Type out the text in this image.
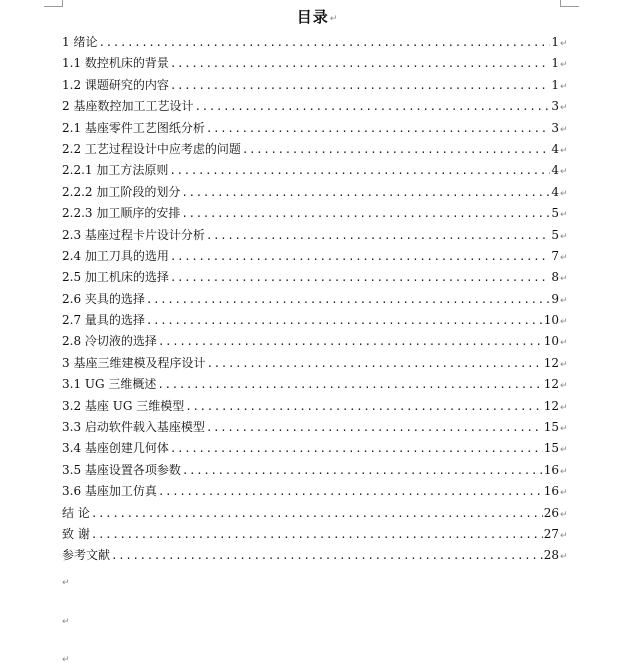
目录↵
1 绪论 .....	1 ↵
1.1 数控机床的背景 .....	1 ↵
1.2 课题研究的内容 .....	1 ↵
2 基座数控加工工艺设计 .....	3 ↵
2.1 基座零件工艺图纸分析 .....	3 ↵
2.2 工艺过程设计中应考虑的问题 .....	4 ↵
2.2.1 加工方法原则 .....	4 ↵
2.2.2 加工阶段的划分 .....	4 ↵
2.2.3 加工顺序的安排 .....	5 ↵
2.3 基座过程卡片设计分析 .....	5 ↵
2.4 加工刀具的选用 .....	7 ↵
2.5 加工机床的选择 .....	8 ↵
2.6 夹具的选择 .....	9 ↵
2.7 量具的选择 .....	10 ↵
2.8 冷切液的选择 .....	10 ↵
3 基座三维建模及程序设计 .....	12 ↵
3.1 UG 三维概述 .....	12 ↵
3.2 基座 UG 三维模型 .....	12 ↵
3.3 启动软件载入基座模型 .....	15 ↵
3.4 基座创建几何体 .....	15 ↵
3.5 基座设置各项参数 .....	16 ↵
3.6 基座加工仿真 .....	16 ↵
结 论 .....	26 ↵
致 谢 .....	27 ↵
参考文献 .....	28 ↵
↵
↵
↵
